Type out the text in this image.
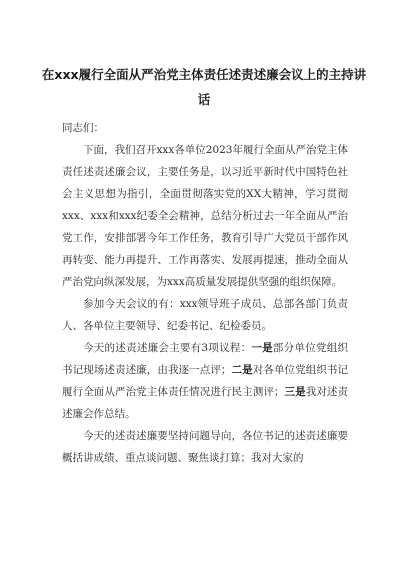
在xxx履行全面从严治党主体责任述责述廉会议上的主持讲话

同志们：

下面，我们召开xxx各单位2023年履行全面从严治党主体责任述责述廉会议，主要任务是，以习近平新时代中国特色社会主义思想为指引，全面贯彻落实党的XX大精神，学习贯彻xxx、xxx和xxx纪委全会精神，总结分析过去一年全面从严治党工作，安排部署今年工作任务，教育引导广大党员干部作风再转变、能力再提升、工作再落实、发展再提速，推动全面从严治党向纵深发展，为xxx高质量发展提供坚强的组织保障。

参加今天会议的有：xxx领导班子成员、总部各部门负责人、各单位主要领导、纪委书记、纪检委员。

今天的述责述廉会主要有3项议程：一是部分单位党组织书记现场述责述廉，由我逐一点评；二是对各单位党组织书记履行全面从严治党主体责任情况进行民主测评；三是我对述责述廉会作总结。

今天的述责述廉要坚持问题导向，各位书记的述责述廉要概括讲成绩、重点谈问题、聚焦谈打算；我对大家的
